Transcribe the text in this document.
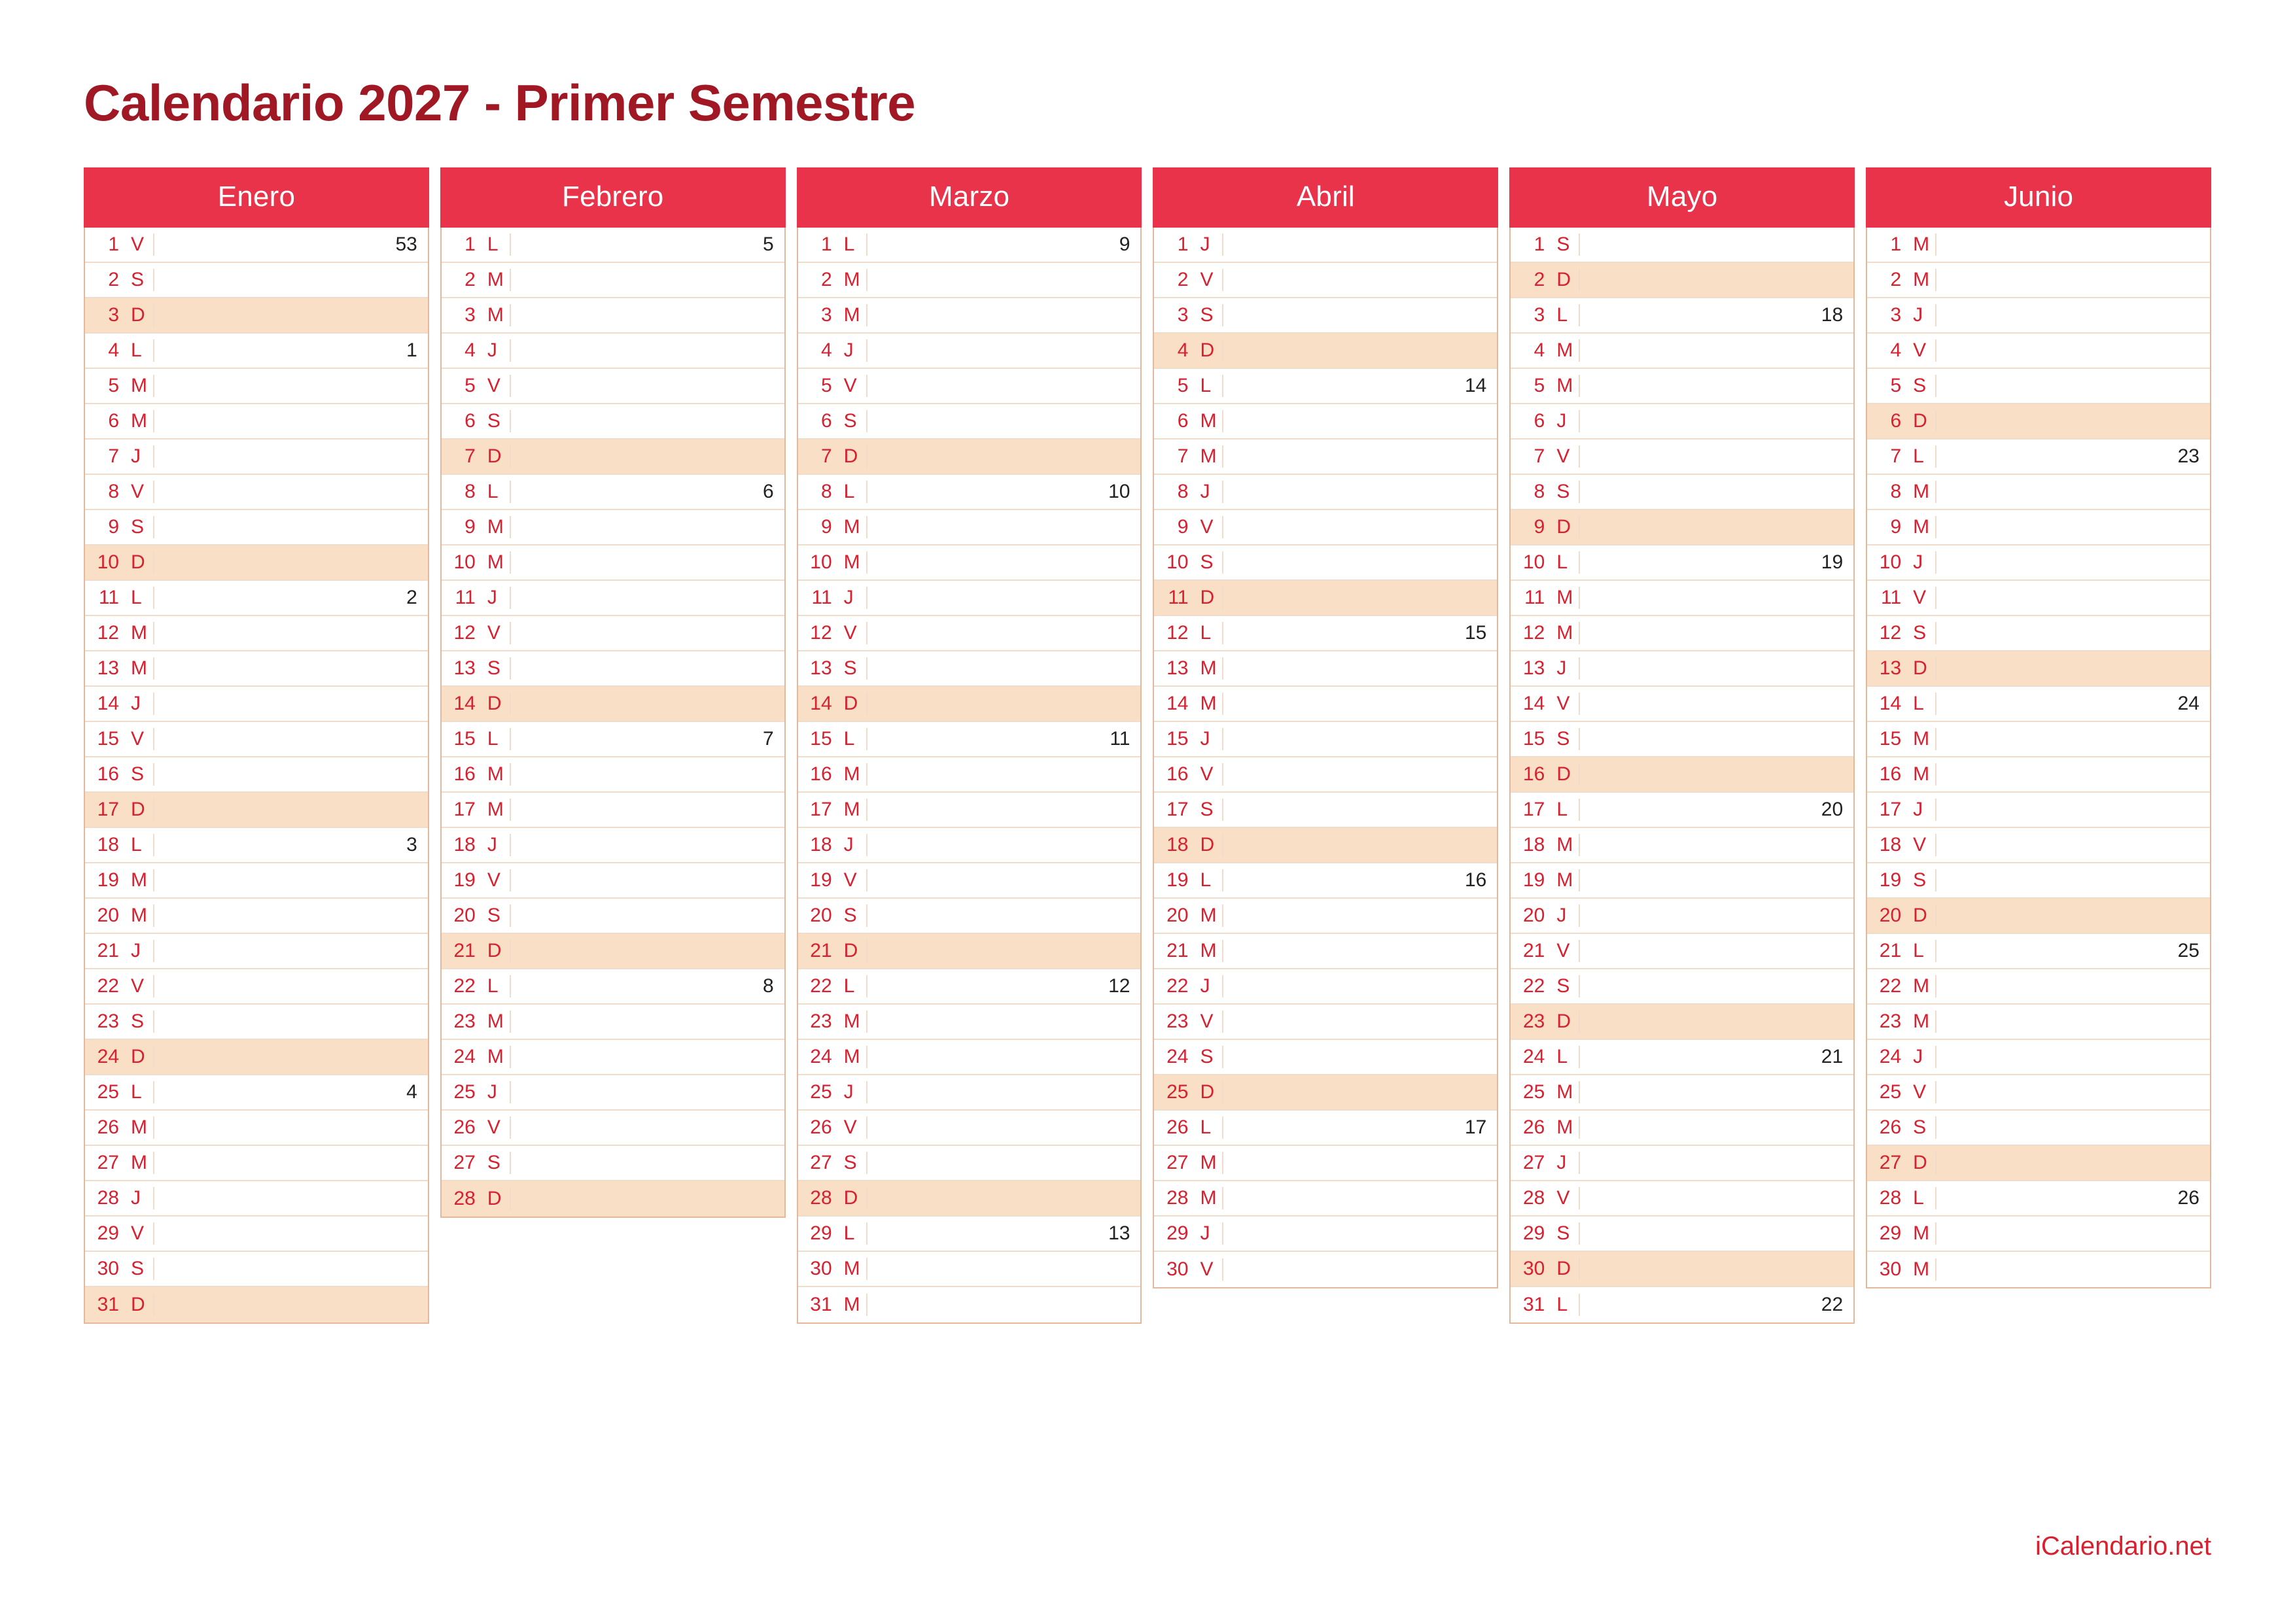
Calendario 2027 - Primer Semestre
Enero
1 V	53
2 S
3 D
4 L	1
5 M
6 M
7 J
8 V
9 S
10 D
11 L	2
12 M
13 M
14 J
15 V
16 S
17 D
18 L	3
19 M
20 M
21 J
22 V
23 S
24 D
25 L	4
26 M
27 M
28 J
29 V
30 S
31 D
Febrero
1 L	5
2 M
3 M
4 J
5 V
6 S
7 D
8 L	6
9 M
10 M
11 J
12 V
13 S
14 D
15 L	7
16 M
17 M
18 J
19 V
20 S
21 D
22 L	8
23 M
24 M
25 J
26 V
27 S
28 D
Marzo
1 L	9
2 M
3 M
4 J
5 V
6 S
7 D
8 L	10
9 M
10 M
11 J
12 V
13 S
14 D
15 L	11
16 M
17 M
18 J
19 V
20 S
21 D
22 L	12
23 M
24 M
25 J
26 V
27 S
28 D
29 L	13
30 M
31 M
Abril
1 J
2 V
3 S
4 D
5 L	14
6 M
7 M
8 J
9 V
10 S
11 D
12 L	15
13 M
14 M
15 J
16 V
17 S
18 D
19 L	16
20 M
21 M
22 J
23 V
24 S
25 D
26 L	17
27 M
28 M
29 J
30 V
Mayo
1 S
2 D
3 L	18
4 M
5 M
6 J
7 V
8 S
9 D
10 L	19
11 M
12 M
13 J
14 V
15 S
16 D
17 L	20
18 M
19 M
20 J
21 V
22 S
23 D
24 L	21
25 M
26 M
27 J
28 V
29 S
30 D
31 L	22
Junio
1 M
2 M
3 J
4 V
5 S
6 D
7 L	23
8 M
9 M
10 J
11 V
12 S
13 D
14 L	24
15 M
16 M
17 J
18 V
19 S
20 D
21 L	25
22 M
23 M
24 J
25 V
26 S
27 D
28 L	26
29 M
30 M
iCalendario.net
